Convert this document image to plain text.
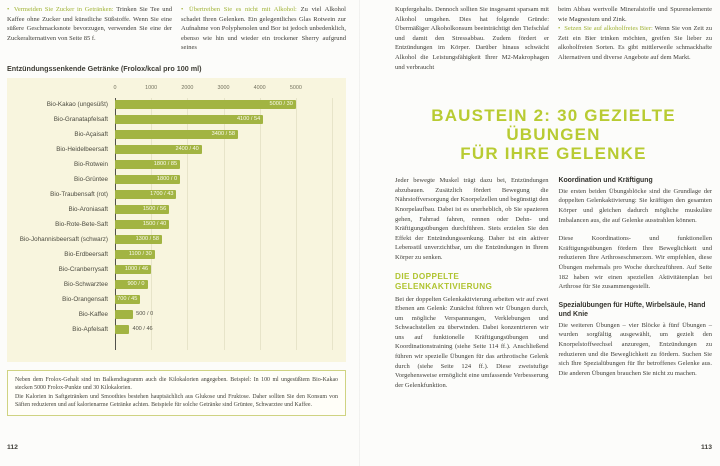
• Vermeiden Sie Zucker in Getränken: Trinken Sie Tee und Kaffee ohne Zucker und künstliche Süßstoffe. Wenn Sie eine süßere Geschmacksnote bevorzugen, verwenden Sie eine der Zuckeralternativen von Seite 85 f.

• Übertreiben Sie es nicht mit Alkohol: Zu viel Alkohol schadet Ihren Gelenken. Ein gelegentliches Glas Rotwein zur Aufnahme von Polyphenolen und Bor ist jedoch unbedenklich, ebenso wie hin und wieder ein trockener Sherry aufgrund seines

Entzündungssenkende Getränke (Frolox/kcal pro 100 ml)
0	1000	2000	3000	4000	5000
Bio-Kakao (ungesüßt)	5000 / 30
Bio-Granatapfelsaft	4100 / 54
Bio-Açaisaft	3400 / 58
Bio-Heidelbeersaft	2400 / 40
Bio-Rotwein	1800 / 85
Bio-Grüntee	1800 / 0
Bio-Traubensaft (rot)	1700 / 43
Bio-Aroniasaft	1500 / 56
Bio-Rote-Bete-Saft	1500 / 40
Bio-Johannisbeersaft (schwarz)	1300 / 58
Bio-Erdbeersaft	1100 / 30
Bio-Cranberrysaft	1000 / 46
Bio-Schwarztee	900 / 0
Bio-Orangensaft	700 / 45
Bio-Kaffee	500 / 0
Bio-Apfelsaft	400 / 46

Neben dem Frolox-Gehalt sind im Balkendiagramm auch die Kilokalorien angegeben. Beispiel: In 100 ml ungesüßtem Bio-Kakao stecken 5000 Frolox-Punkte und 30 Kilokalorien.

Die Kalorien in Saftgetränken und Smoothies bestehen hauptsächlich aus Glukose und Fruktose. Daher sollten Sie den Konsum von Säften reduzieren und auf kalorienarme Getränke achten. Beispiele für solche Getränke sind Grüntee, Schwarztee und Kaffee.

Kupfergehalts. Dennoch sollten Sie insgesamt sparsam mit Alkohol umgehen. Dies hat folgende Gründe: Übermäßiger Alkoholkonsum beeinträchtigt den Tiefschlaf und damit den Stressabbau. Zudem fördert er Entzündungen im Körper. Darüber hinaus schwächt Alkohol die Leistungsfähigkeit Ihrer M2-Makrophagen und verbraucht

beim Abbau wertvolle Mineralstoffe und Spurenelemente wie Magnesium und Zink.

• Setzen Sie auf alkoholfreies Bier: Wenn Sie von Zeit zu Zeit ein Bier trinken möchten, greifen Sie lieber zu alkoholfreien Sorten. Es gibt mittlerweile schmackhafte Alternativen und diverse Angebote auf dem Markt.

BAUSTEIN 2: 30 GEZIELTE ÜBUNGEN
FÜR IHRE GELENKE

Jeder bewegte Muskel trägt dazu bei, Entzündungen abzubauen. Zusätzlich fördert Bewegung die Nährstoffversorgung der Knorpelzellen und begünstigt den Knorpelaufbau. Dabei ist es unerheblich, ob Sie spazieren gehen, Fahrrad fahren, rennen oder Dehn- und Kräftigungsübungen durchführen. Stets erzielen Sie den Effekt der Entzündungssenkung. Daher ist ein aktiver Lebensstil unverzichtbar, um die Entzündungen in Ihrem Körper zu senken.

DIE DOPPELTE GELENKAKTIVIERUNG

Bei der doppelten Gelenkaktivierung arbeiten wir auf zwei Ebenen am Gelenk: Zunächst führen wir Übungen durch, um mögliche Verspannungen, Verklebungen und Schwachstellen zu überwinden. Dabei konzentrieren wir uns auf funktionelle Kräftigungsübungen und Koordinationstraining (siehe Seite 114 ff.). Anschließend führen wir spezielle Übungen für das arthrotische Gelenk durch (siehe Seite 124 ff.). Diese zweistufige Vorgehensweise ermöglicht eine umfassende Verbesserung der Gelenkfunktion.

Koordination und Kräftigung

Die ersten beiden Übungsblöcke sind die Grundlage der doppelten Gelenkaktivierung: Sie kräftigen den gesamten Körper und gleichen dadurch mögliche muskuläre Imbalancen aus, die auf Gelenke ausstrahlen können.

Diese Koordinations- und funktionellen Kräftigungsübungen fördern Ihre Beweglichkeit und reduzieren Ihre Arthroseschmerzen. Wir empfehlen, diese Übungen mehrmals pro Woche durchzuführen. Auf Seite 182 haben wir einen speziellen Aktivitätenplan bei Arthrose für Sie zusammengestellt.

Spezialübungen für Hüfte, Wirbelsäule, Hand und Knie

Die weiteren Übungen – vier Blöcke à fünf Übungen – wurden sorgfältig ausgewählt, um gezielt den Knorpelstoffwechsel anzuregen, Entzündungen zu reduzieren und die Beweglichkeit zu fördern. Suchen Sie sich Ihre Spezialübungen für Ihr betroffenes Gelenke aus. Die anderen Übungen brauchen Sie nicht zu machen.

112	113
